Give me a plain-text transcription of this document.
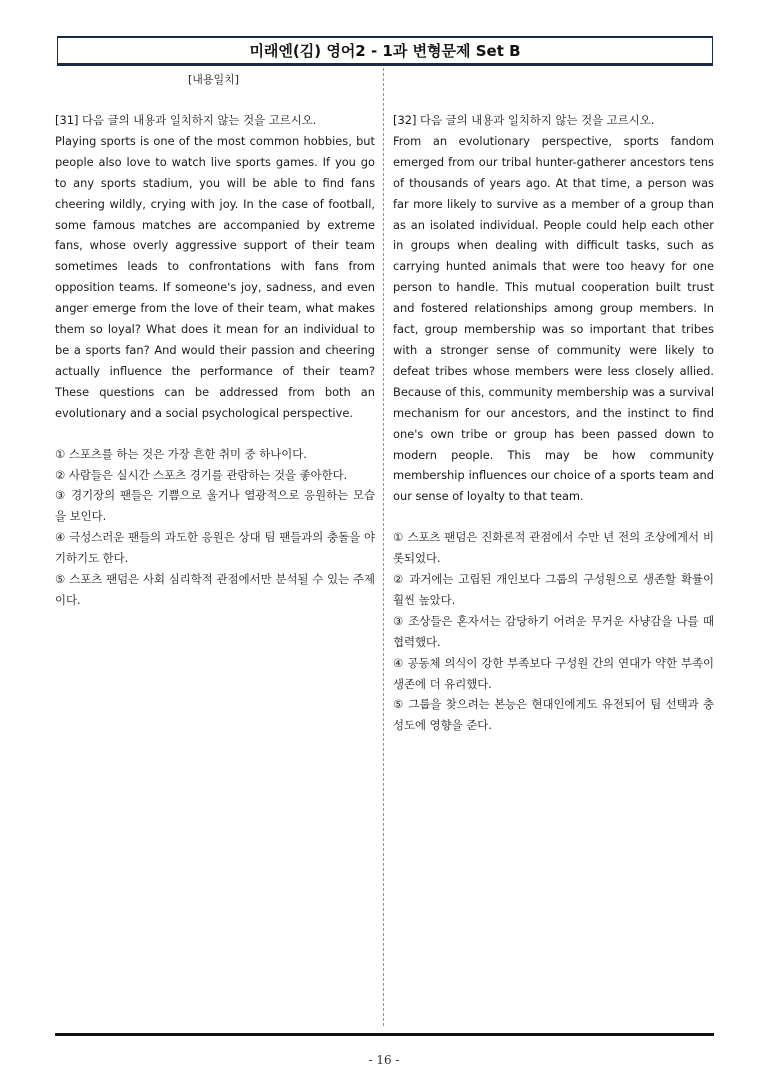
미래엔(김) 영어2 - 1과 변형문제 Set B
[내용일치]

[31] 다음 글의 내용과 일치하지 않는 것을 고르시오.

Playing sports is one of the most common hobbies, but people also love to watch live sports games. If you go to any sports stadium, you will be able to find fans cheering wildly, crying with joy. In the case of football, some famous matches are accompanied by extreme fans, whose overly aggressive support of their team sometimes leads to confrontations with fans from opposition teams. If someone's joy, sadness, and even anger emerge from the love of their team, what makes them so loyal? What does it mean for an individual to be a sports fan? And would their passion and cheering actually influence the performance of their team? These questions can be addressed from both an evolutionary and a social psychological perspective.

① 스포츠를 하는 것은 가장 흔한 취미 중 하나이다.

② 사람들은 실시간 스포츠 경기를 관람하는 것을 좋아한다.

③ 경기장의 팬들은 기쁨으로 울거나 열광적으로 응원하는 모습을 보인다.

④ 극성스러운 팬들의 과도한 응원은 상대 팀 팬들과의 충돌을 야기하기도 한다.

⑤ 스포츠 팬덤은 사회 심리학적 관점에서만 분석될 수 있는 주제이다.

[32] 다음 글의 내용과 일치하지 않는 것을 고르시오.

From an evolutionary perspective, sports fandom emerged from our tribal hunter-gatherer ancestors tens of thousands of years ago. At that time, a person was far more likely to survive as a member of a group than as an isolated individual. People could help each other in groups when dealing with difficult tasks, such as carrying hunted animals that were too heavy for one person to handle. This mutual cooperation built trust and fostered relationships among group members. In fact, group membership was so important that tribes with a stronger sense of community were likely to defeat tribes whose members were less closely allied. Because of this, community membership was a survival mechanism for our ancestors, and the instinct to find one's own tribe or group has been passed down to modern people. This may be how community membership influences our choice of a sports team and our sense of loyalty to that team.

① 스포츠 팬덤은 진화론적 관점에서 수만 년 전의 조상에게서 비롯되었다.

② 과거에는 고립된 개인보다 그룹의 구성원으로 생존할 확률이 훨씬 높았다.

③ 조상들은 혼자서는 감당하기 어려운 무거운 사냥감을 나를 때 협력했다.

④ 공동체 의식이 강한 부족보다 구성원 간의 연대가 약한 부족이 생존에 더 유리했다.

⑤ 그룹을 찾으려는 본능은 현대인에게도 유전되어 팀 선택과 충성도에 영향을 준다.

- 16 -
